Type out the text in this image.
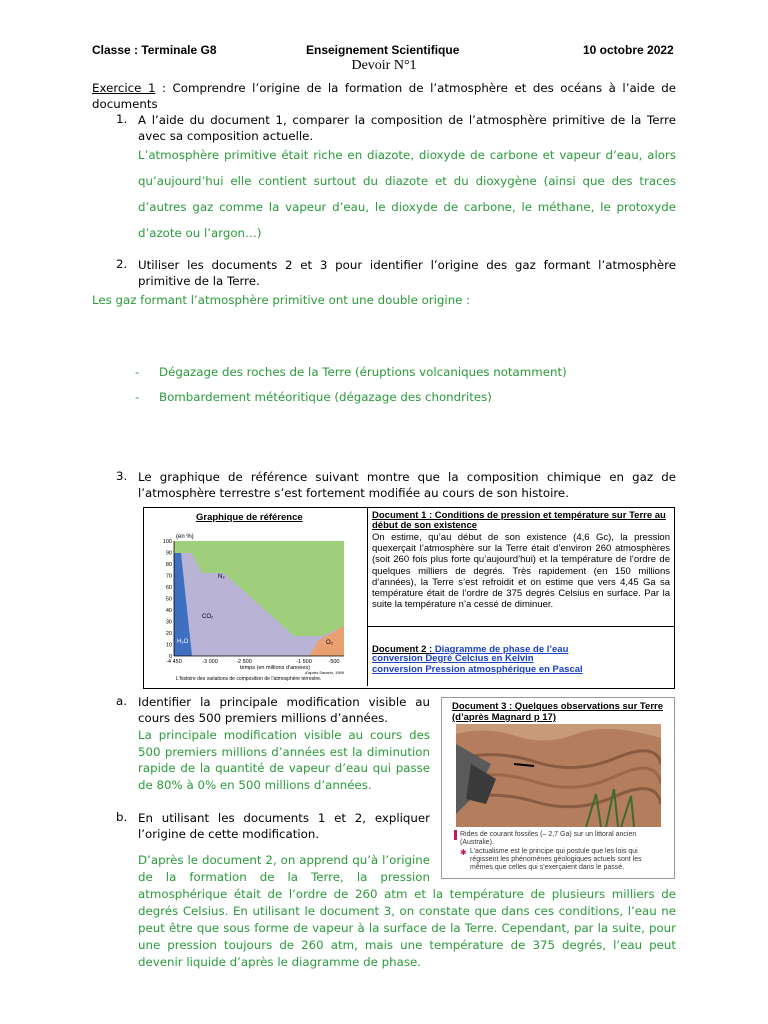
Classe : Terminale G8	Enseignement Scientifique	10 octobre 2022
Devoir N°1
Exercice 1 : Comprendre l’origine de la formation de l’atmosphère et des océans à l’aide de documents
1. A l’aide du document 1, comparer la composition de l’atmosphère primitive de la Terre avec sa composition actuelle.
L’atmosphère primitive était riche en diazote, dioxyde de carbone et vapeur d’eau, alors qu’aujourd’hui elle contient surtout du diazote et du dioxygène (ainsi que des traces d’autres gaz comme la vapeur d’eau, le dioxyde de carbone, le méthane, le protoxyde d’azote ou l’argon…)
2. Utiliser les documents 2 et 3 pour identifier l’origine des gaz formant l’atmosphère primitive de la Terre.
Les gaz formant l’atmosphère primitive ont une double origine :
- Dégazage des roches de la Terre (éruptions volcaniques notamment)
- Bombardement météoritique (dégazage des chondrites)
3. Le graphique de référence suivant montre que la composition chimique en gaz de l’atmosphère terrestre s’est fortement modifiée au cours de son histoire.
Graphique de référence
(en %)
100
90
80
70
60
50
40
30
20
10
0
-4 450	-3 000	-2 500	-1 500	-500
temps (en millions d’années)
N₂
CO₂
H₂O	O₂
d’après Sarazin, 1999
L’histoire des variations de composition de l’atmosphère terrestre.
Document 1 : Conditions de pression et température sur Terre au début de son existence
On estime, qu’au début de son existence (4,6 Gc), la pression quexerçait l’atmosphère sur la Terre était d’environ 260 atmosphères (soit 260 fois plus forte qu’aujourd’hui) et la température de l’ordre de quelques milliers de degrés. Très rapidement (en 150 millions d’années), la Terre s’est refroidit et on estime que vers 4,45 Ga sa température était de l’ordre de 375 degrés Celsius en surface. Par la suite la température n’a cessé de diminuer.
Document 2 : Diagramme de phase de l’eau
conversion Degré Celcius en Kelvin
conversion Pression atmosphérique en Pascal
a. Identifier la principale modification visible au cours des 500 premiers millions d’années.
La principale modification visible au cours des 500 premiers millions d’années est la diminution rapide de la quantité de vapeur d’eau qui passe de 80% à 0% en 500 millions d’années.
b. En utilisant les documents 1 et 2, expliquer l’origine de cette modification.
D’après le document 2, on apprend qu’à l’origine de la formation de la Terre, la pression atmosphérique était de l’ordre de 260 atm et la température de plusieurs milliers de degrés Celsius. En utilisant le document 3, on constate que dans ces conditions, l’eau ne peut être que sous forme de vapeur à la surface de la Terre. Cependant, par la suite, pour une pression toujours de 260 atm, mais une température de 375 degrés, l’eau peut devenir liquide d’après le diagramme de phase.
Document 3 : Quelques observations sur Terre (d’après Magnard p 17)
Rides de courant fossiles (– 2,7 Ga) sur un littoral ancien (Australie).
✱ L’actualisme est le principe qui postule que les lois qui régissent les phénomènes géologiques actuels sont les mêmes que celles qui s’exerçaient dans le passé.
